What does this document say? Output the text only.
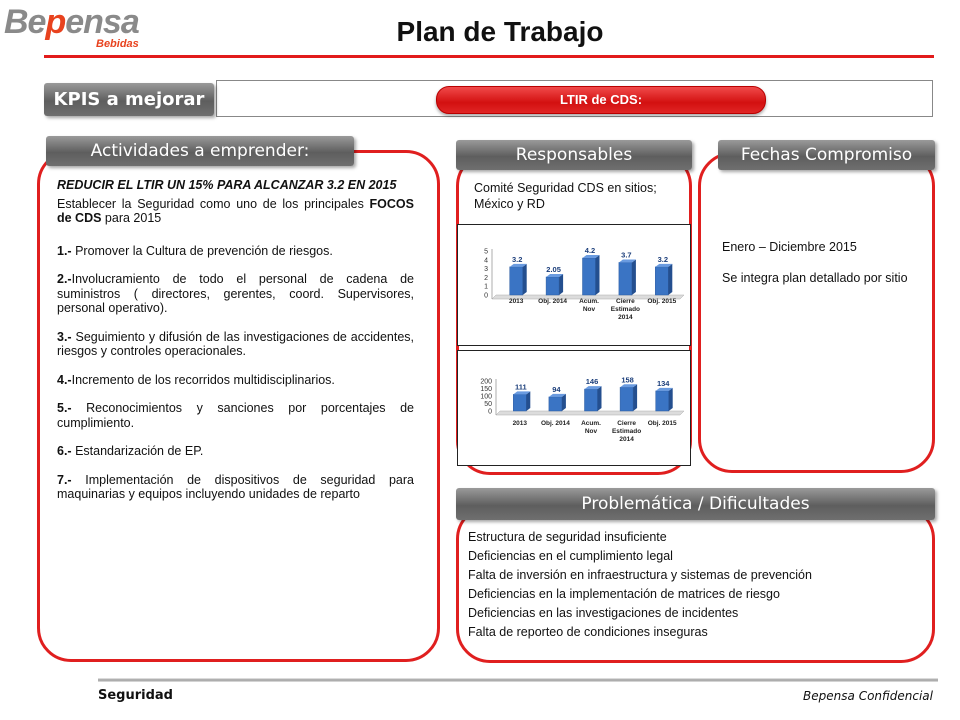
Bepensa
Bebidas	Plan de Trabajo
KPIS a mejorar	LTIR de CDS:
Actividades a emprender:	Responsables	Fechas Compromiso
Problemática / Dificultades

REDUCIR EL LTIR UN 15% PARA ALCANZAR 3.2 EN 2015

Establecer la Seguridad como uno de los principales FOCOS de CDS para 2015

1.- Promover la Cultura de prevención de riesgos.

2.-Involucramiento de todo el personal de cadena de suministros ( directores, gerentes, coord. Supervisores, personal operativo).

3.- Seguimiento y difusión de las investigaciones de accidentes, riesgos y controles operacionales.

4.-Incremento de los recorridos multidisciplinarios.

5.- Reconocimientos y sanciones por porcentajes de cumplimiento.

6.- Estandarización de EP.

7.- Implementación de dispositivos de seguridad para maquinarias y equipos incluyendo unidades de reparto

Comité Seguridad CDS en sitios; México y RD
5
4
3
2
1
0
3.2
2013
2.05
Obj. 2014
4.2
Acum.
Nov
3.7
Cierre
Estimado
2014
3.2
Obj. 2015
200
150
100
50
0
111
2013
94
Obj. 2014
146
Acum.
Nov
158
Cierre
Estimado
2014
134
Obj. 2015

Enero – Diciembre 2015

Se integra plan detallado por sitio

Estructura de seguridad insuficiente
Deficiencias en el cumplimiento legal
Falta de inversión en infraestructura y sistemas de prevención
Deficiencias en la implementación de matrices de riesgo
Deficiencias en las investigaciones de incidentes
Falta de reporteo de condiciones inseguras
Seguridad	Bepensa Confidencial
